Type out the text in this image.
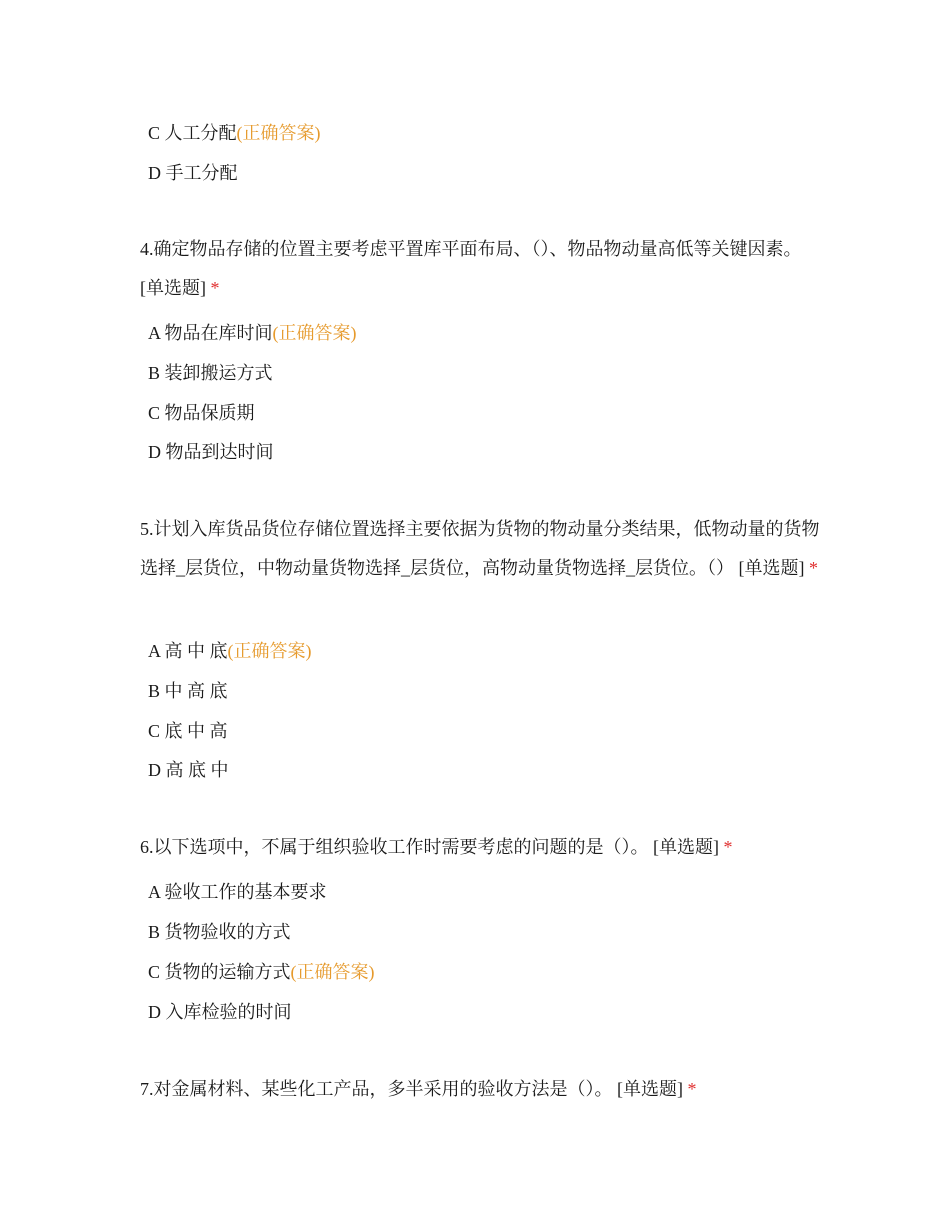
C 人工分配(正确答案)
D 手工分配
4.确定物品存储的位置主要考虑平置库平面布局、（）、物品物动量高低等关键因素。 [单选题] *
A 物品在库时间(正确答案)
B 装卸搬运方式
C 物品保质期
D 物品到达时间
5.计划入库货品货位存储位置选择主要依据为货物的物动量分类结果，低物动量的货物选择_层货位，中物动量货物选择_层货位，高物动量货物选择_层货位。（） [单选题] *
A 高 中 底(正确答案)
B 中 高 底
C 底 中 高
D 高 底 中
6.以下选项中，不属于组织验收工作时需要考虑的问题的是（）。 [单选题] *
A 验收工作的基本要求
B 货物验收的方式
C 货物的运输方式(正确答案)
D 入库检验的时间
7.对金属材料、某些化工产品，多半采用的验收方法是（）。 [单选题] *
